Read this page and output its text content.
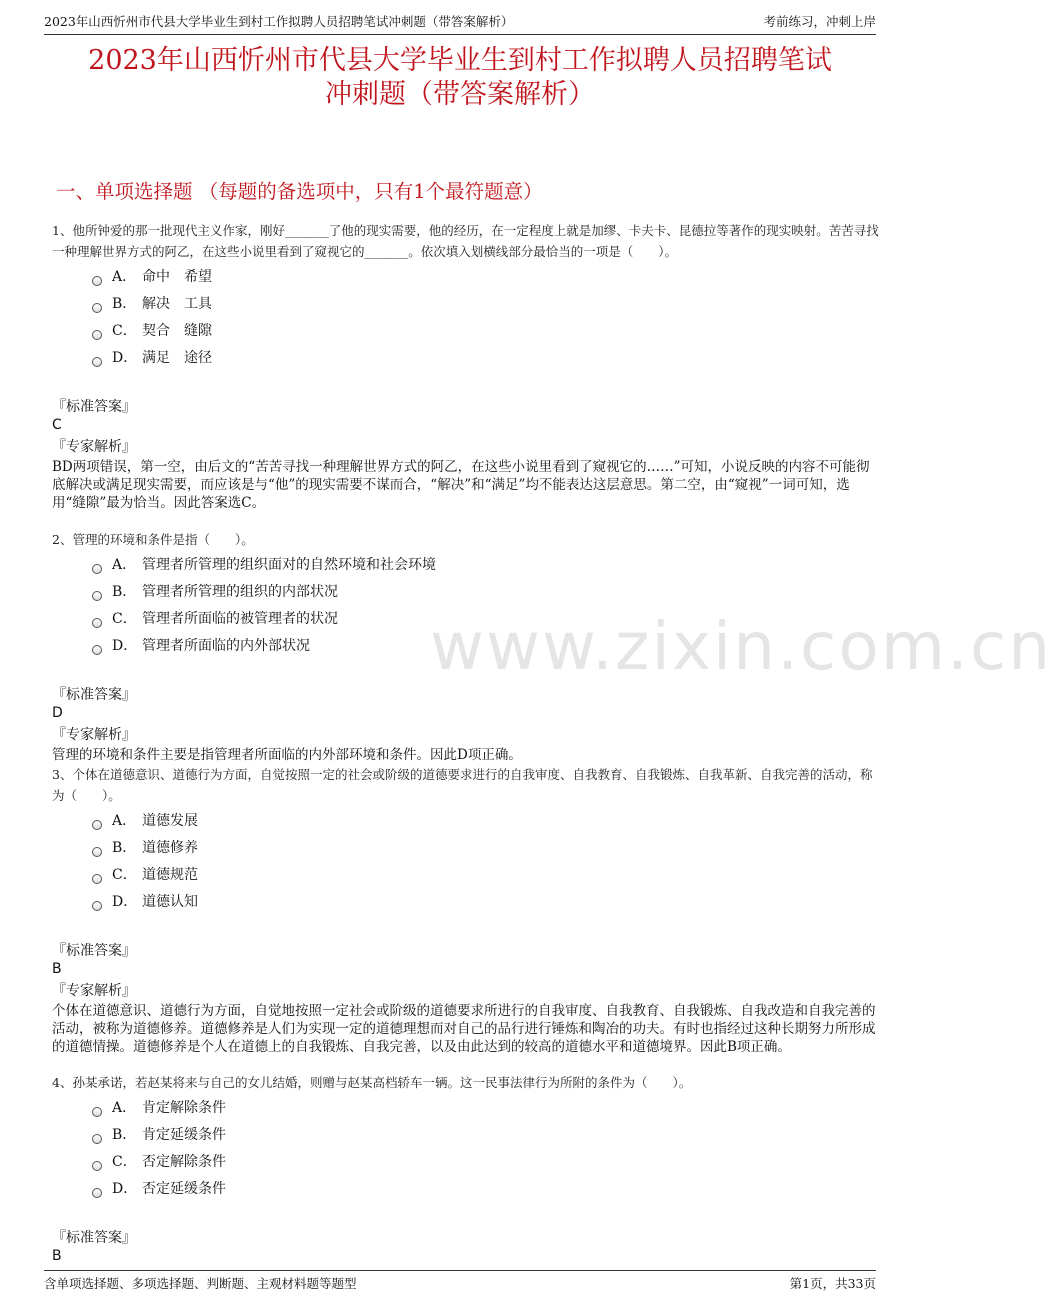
2023年山西忻州市代县大学毕业生到村工作拟聘人员招聘笔试冲刺题（带答案解析）	考前练习，冲刺上岸
2023年山西忻州市代县大学毕业生到村工作拟聘人员招聘笔试
冲刺题（带答案解析）
一、单项选择题 （每题的备选项中，只有1个最符题意）
www.zixin.com.cn
1、他所钟爱的那一批现代主义作家，刚好_______了他的现实需要，他的经历，在一定程度上就是加缪、卡夫卡、昆德拉等著作的现实映射。苦苦寻找一种理解世界方式的阿乙，在这些小说里看到了窥视它的_______。依次填入划横线部分最恰当的一项是（　　）。
A． 命中　希望
B． 解决　工具
C． 契合　缝隙
D． 满足　途径
『标准答案』
C
『专家解析』
BD两项错误，第一空，由后文的“苦苦寻找一种理解世界方式的阿乙，在这些小说里看到了窥视它的……”可知，小说反映的内容不可能彻底解决或满足现实需要，而应该是与“他”的现实需要不谋而合，“解决”和“满足”均不能表达这层意思。第二空，由“窥视”一词可知，选用“缝隙”最为恰当。因此答案选C。
2、管理的环境和条件是指（　　）。
A． 管理者所管理的组织面对的自然环境和社会环境
B． 管理者所管理的组织的内部状况
C． 管理者所面临的被管理者的状况
D． 管理者所面临的内外部状况
『标准答案』
D
『专家解析』
管理的环境和条件主要是指管理者所面临的内外部环境和条件。因此D项正确。
3、个体在道德意识、道德行为方面，自觉按照一定的社会或阶级的道德要求进行的自我审度、自我教育、自我锻炼、自我革新、自我完善的活动，称为（　　）。
A． 道德发展
B． 道德修养
C． 道德规范
D． 道德认知
『标准答案』
B
『专家解析』
个体在道德意识、道德行为方面，自觉地按照一定社会或阶级的道德要求所进行的自我审度、自我教育、自我锻炼、自我改造和自我完善的活动，被称为道德修养。道德修养是人们为实现一定的道德理想而对自己的品行进行锤炼和陶冶的功夫。有时也指经过这种长期努力所形成的道德情操。道德修养是个人在道德上的自我锻炼、自我完善，以及由此达到的较高的道德水平和道德境界。因此B项正确。
4、孙某承诺，若赵某将来与自己的女儿结婚，则赠与赵某高档轿车一辆。这一民事法律行为所附的条件为（　　）。
A． 肯定解除条件
B． 肯定延缓条件
C． 否定解除条件
D． 否定延缓条件
『标准答案』
B
含单项选择题、多项选择题、判断题、主观材料题等题型	第1页，共33页
